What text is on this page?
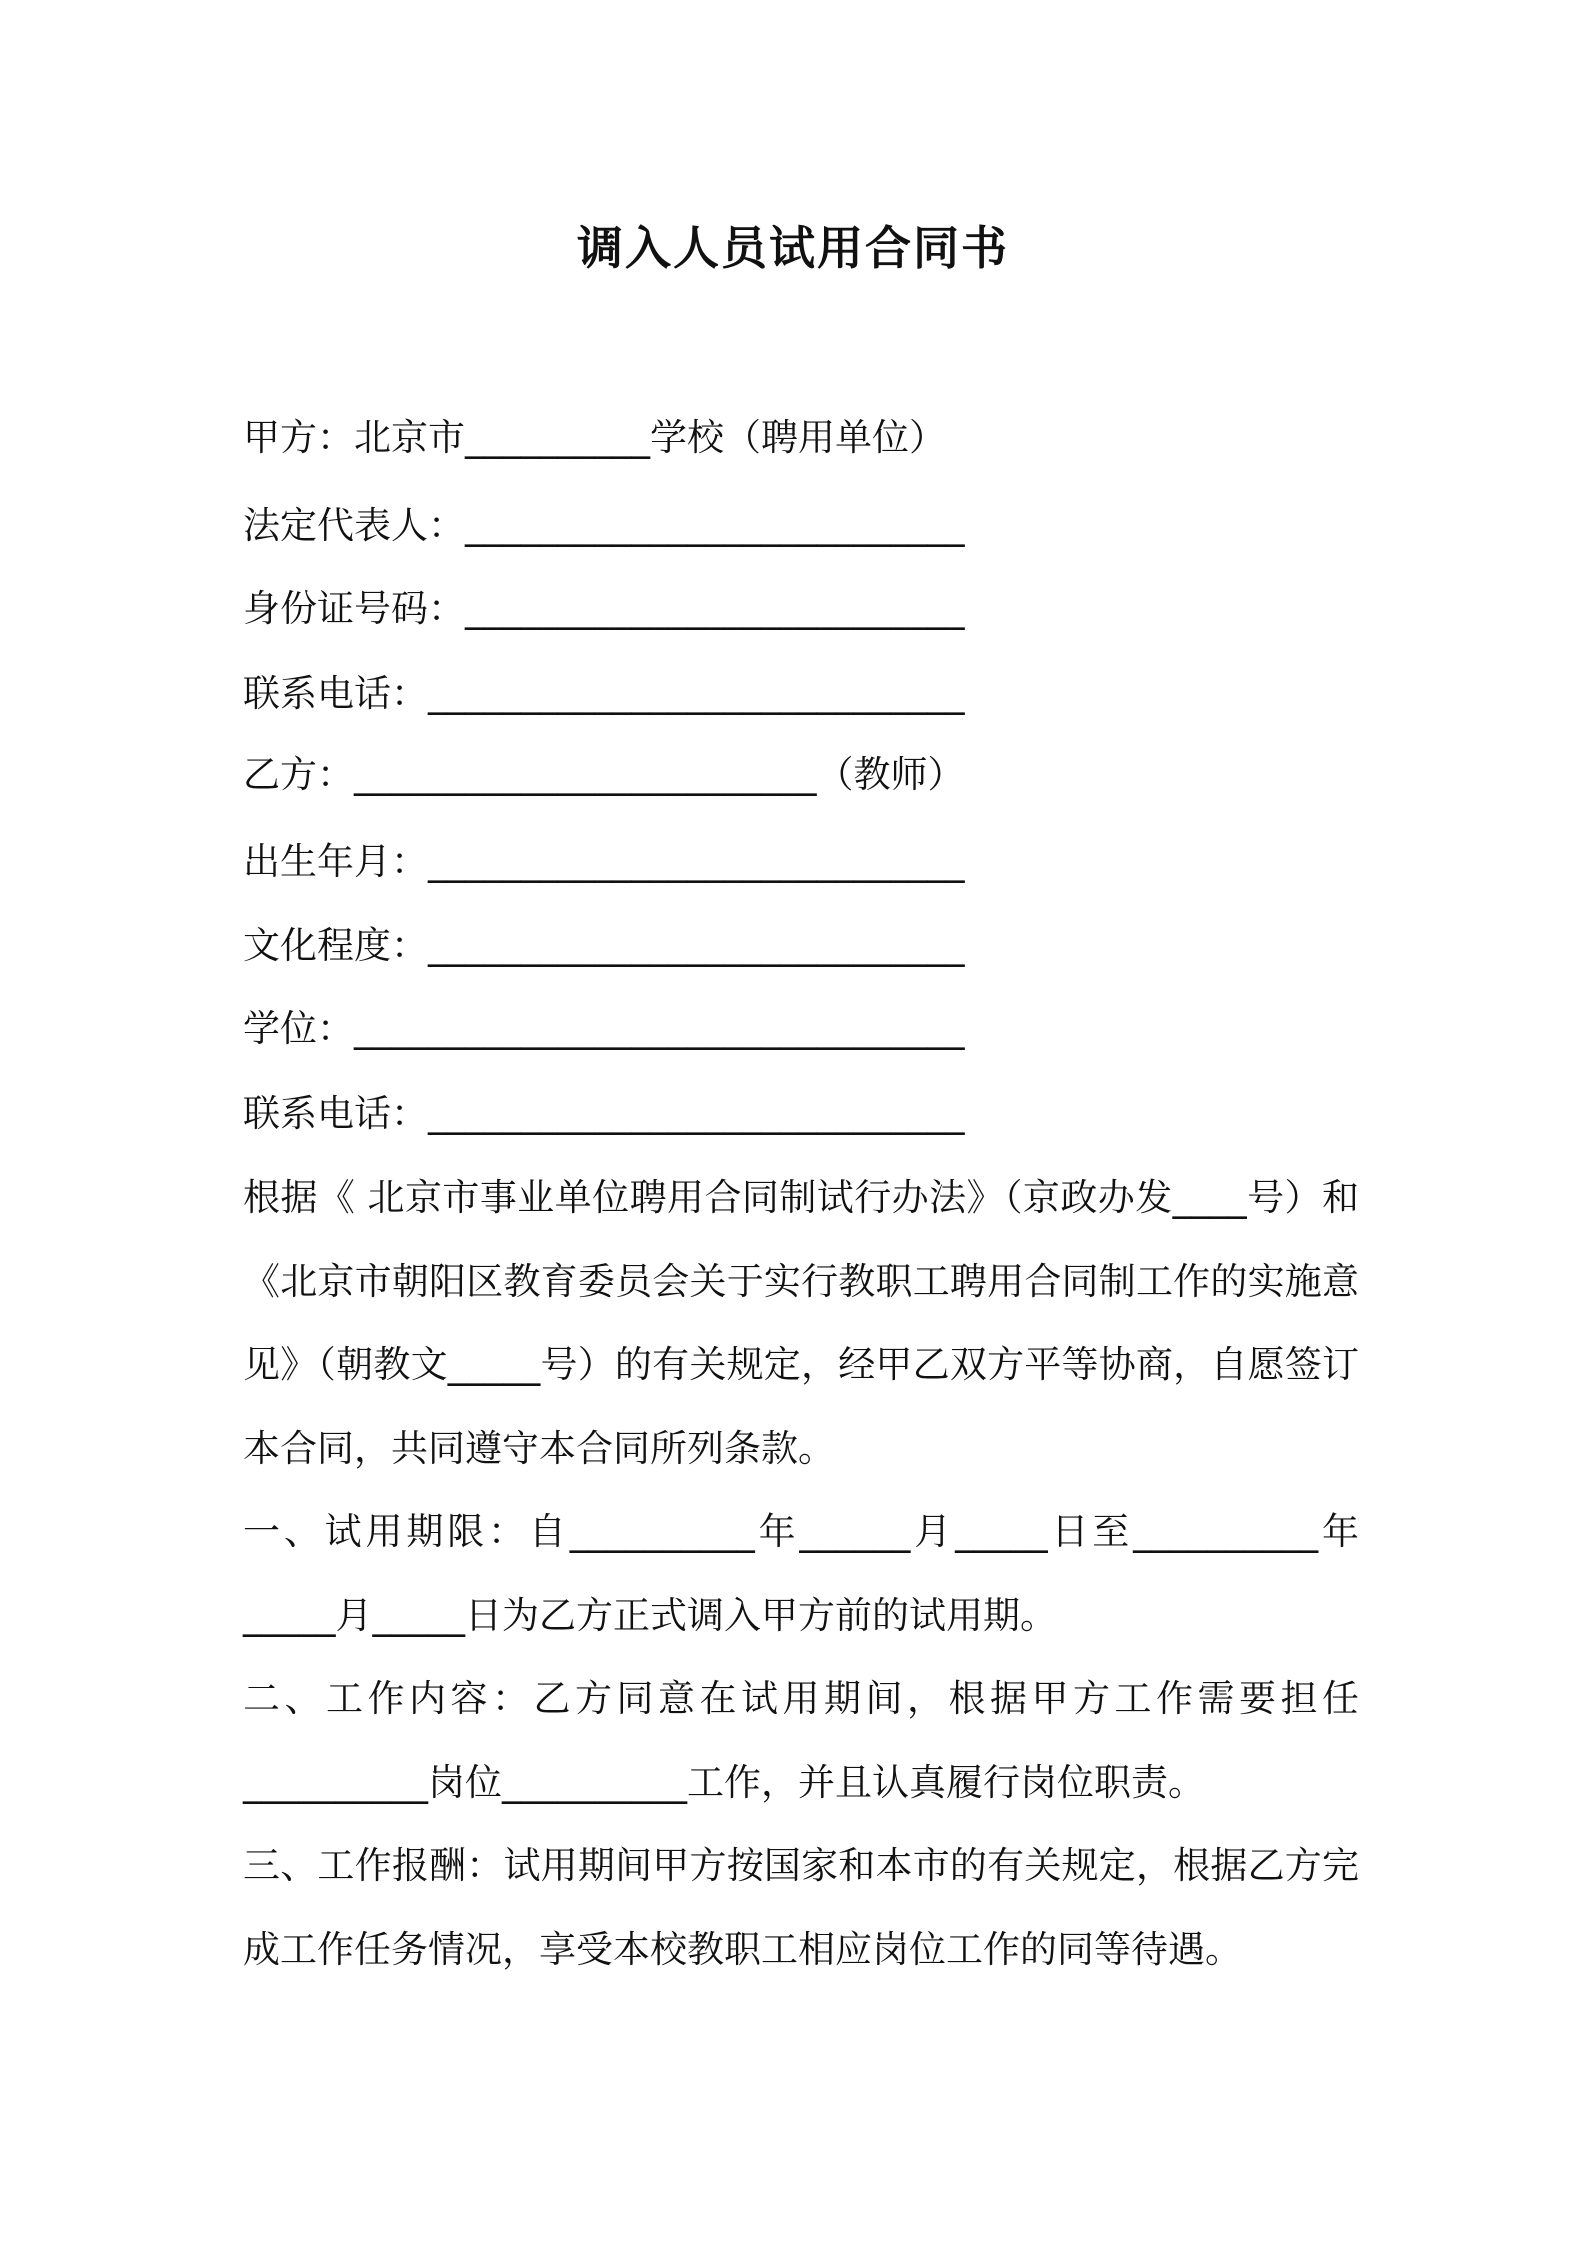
调入人员试用合同书
甲方：北京市__________学校（聘用单位）
法定代表人：___________________________
身份证号码：___________________________
联系电话：_____________________________
乙方：_________________________（教师）
出生年月：_____________________________
文化程度：_____________________________
学位：_________________________________
联系电话：_____________________________
根据《 北京市事业单位聘用合同制试行办法》（京政办发____号）和《北京市朝阳区教育委员会关于实行教职工聘用合同制工作的实施意见》（朝教文_____号）的有关规定，经甲乙双方平等协商，自愿签订本合同，共同遵守本合同所列条款。
一、试用期限：自__________年______月_____日至__________年_____月_____日为乙方正式调入甲方前的试用期。
二、工作内容：乙方同意在试用期间，根据甲方工作需要担任__________岗位__________工作，并且认真履行岗位职责。
三、工作报酬：试用期间甲方按国家和本市的有关规定，根据乙方完成工作任务情况，享受本校教职工相应岗位工作的同等待遇。
